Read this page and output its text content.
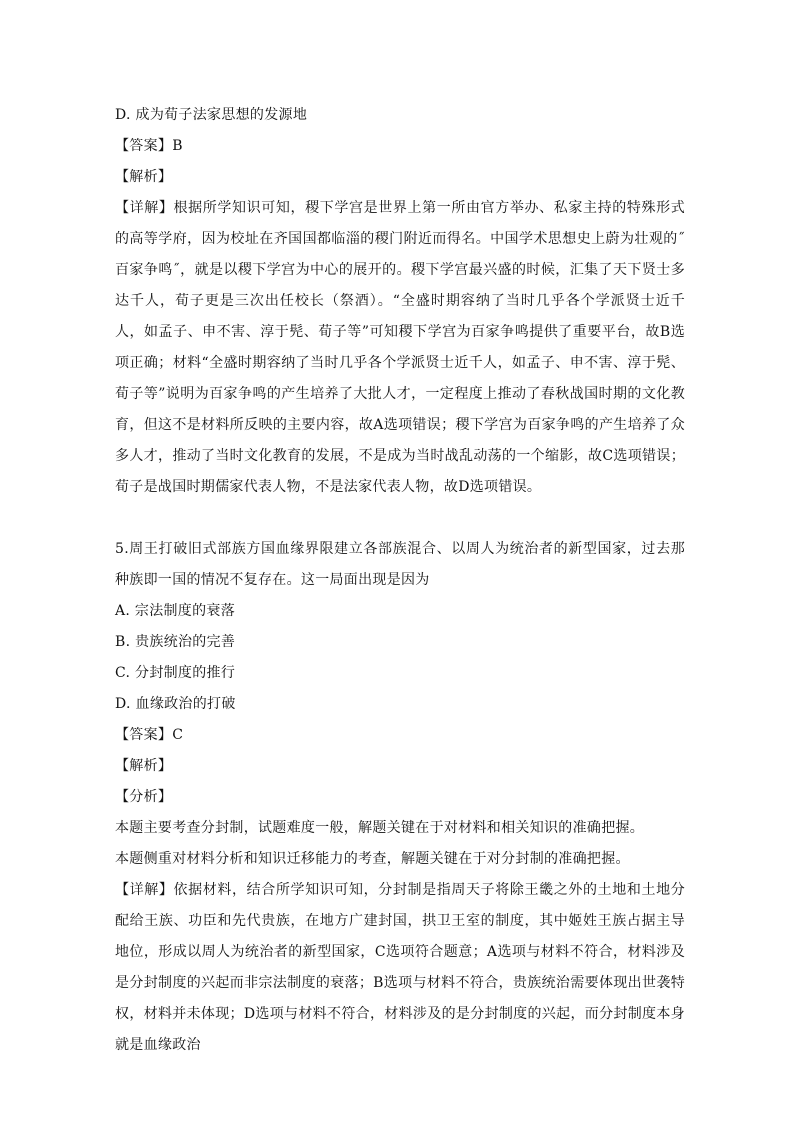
D. 成为荀子法家思想的发源地
【答案】B
【解析】
【详解】根据所学知识可知，稷下学宫是世界上第一所由官方举办、私家主持的特殊形式的高等学府，因为校址在齐国国都临淄的稷门附近而得名。中国学术思想史上蔚为壮观的˝百家争鸣˝，就是以稷下学宫为中心的展开的。稷下学宫最兴盛的时候，汇集了天下贤士多达千人，荀子更是三次出任校长（祭酒）。“全盛时期容纳了当时几乎各个学派贤士近千人，如孟子、申不害、淳于髡、荀子等”可知稷下学宫为百家争鸣提供了重要平台，故B选项正确；材料“全盛时期容纳了当时几乎各个学派贤士近千人，如孟子、申不害、淳于髡、荀子等”说明为百家争鸣的产生培养了大批人才，一定程度上推动了春秋战国时期的文化教育，但这不是材料所反映的主要内容，故A选项错误；稷下学宫为百家争鸣的产生培养了众多人才，推动了当时文化教育的发展，不是成为当时战乱动荡的一个缩影，故C选项错误；荀子是战国时期儒家代表人物，不是法家代表人物，故D选项错误。
5.周王打破旧式部族方国血缘界限建立各部族混合、以周人为统治者的新型国家，过去那种族即一国的情况不复存在。这一局面出现是因为
A. 宗法制度的衰落
B. 贵族统治的完善
C. 分封制度的推行
D. 血缘政治的打破
【答案】C
【解析】
【分析】
本题主要考查分封制，试题难度一般，解题关键在于对材料和相关知识的准确把握。
本题侧重对材料分析和知识迁移能力的考查，解题关键在于对分封制的准确把握。
【详解】依据材料，结合所学知识可知，分封制是指周天子将除王畿之外的土地和土地分配给王族、功臣和先代贵族，在地方广建封国，拱卫王室的制度，其中姬姓王族占据主导地位，形成以周人为统治者的新型国家，C选项符合题意；A选项与材料不符合，材料涉及是分封制度的兴起而非宗法制度的衰落；B选项与材料不符合，贵族统治需要体现出世袭特权，材料并未体现；D选项与材料不符合，材料涉及的是分封制度的兴起，而分封制度本身就是血缘政治
